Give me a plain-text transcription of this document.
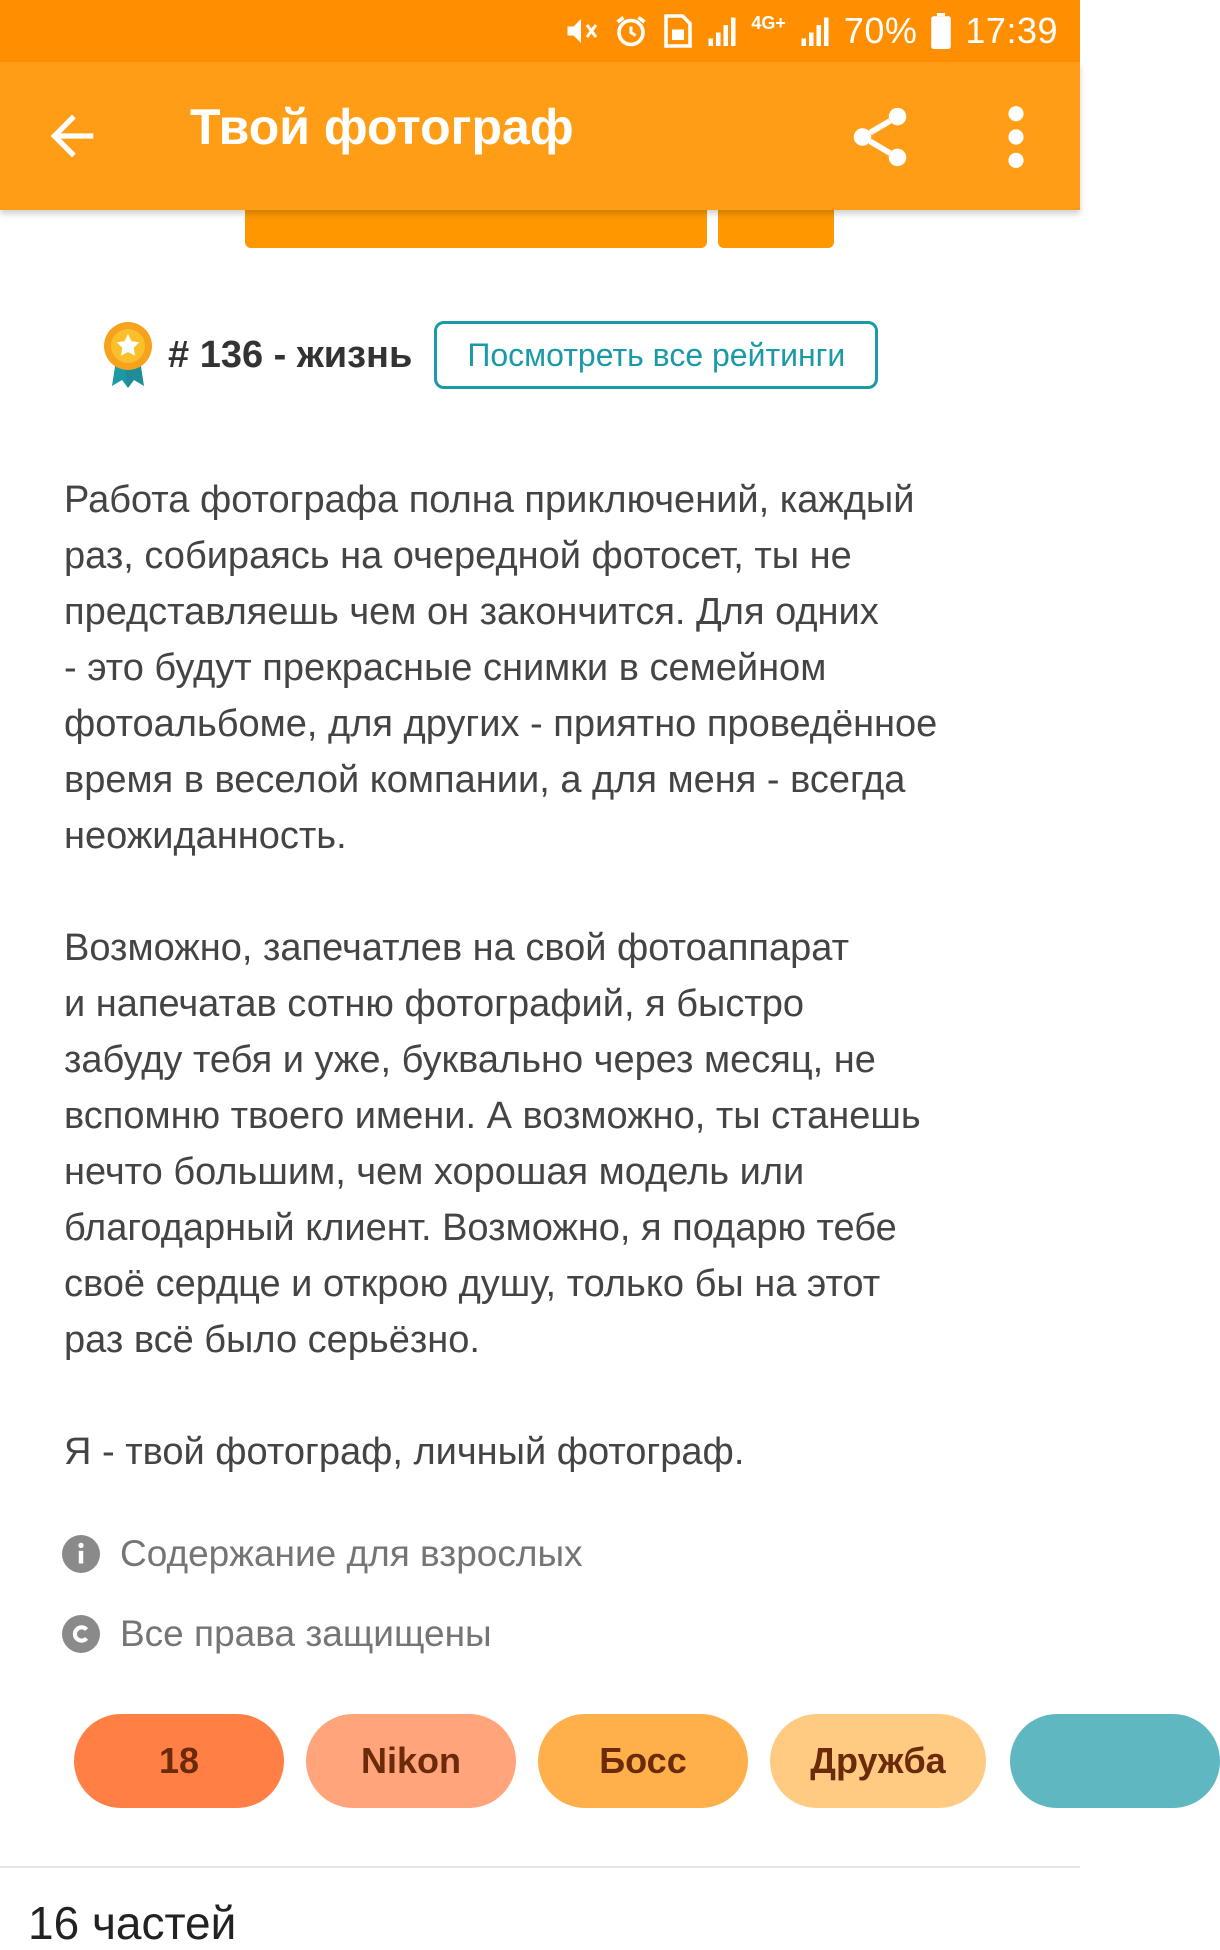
4G+ 70% 17:39
Твой фотограф
# 136 - жизнь	Посмотреть все рейтинги

Работа фотографа полна приключений, каждый
раз, собираясь на очередной фотосет, ты не
представляешь чем он закончится. Для одних
- это будут прекрасные снимки в семейном
фотоальбоме, для других - приятно проведённое
время в веселой компании, а для меня - всегда
неожиданность.

Возможно, запечатлев на свой фотоаппарат
и напечатав сотню фотографий, я быстро
забуду тебя и уже, буквально через месяц, не
вспомню твоего имени. А возможно, ты станешь
нечто большим, чем хорошая модель или
благодарный клиент. Возможно, я подарю тебе
своё сердце и открою душу, только бы на этот
раз всё было серьёзно.

Я - твой фотограф, личный фотограф.

Содержание для взрослых
Все права защищены
18	Nikon	Босс	Дружба
16 частей
